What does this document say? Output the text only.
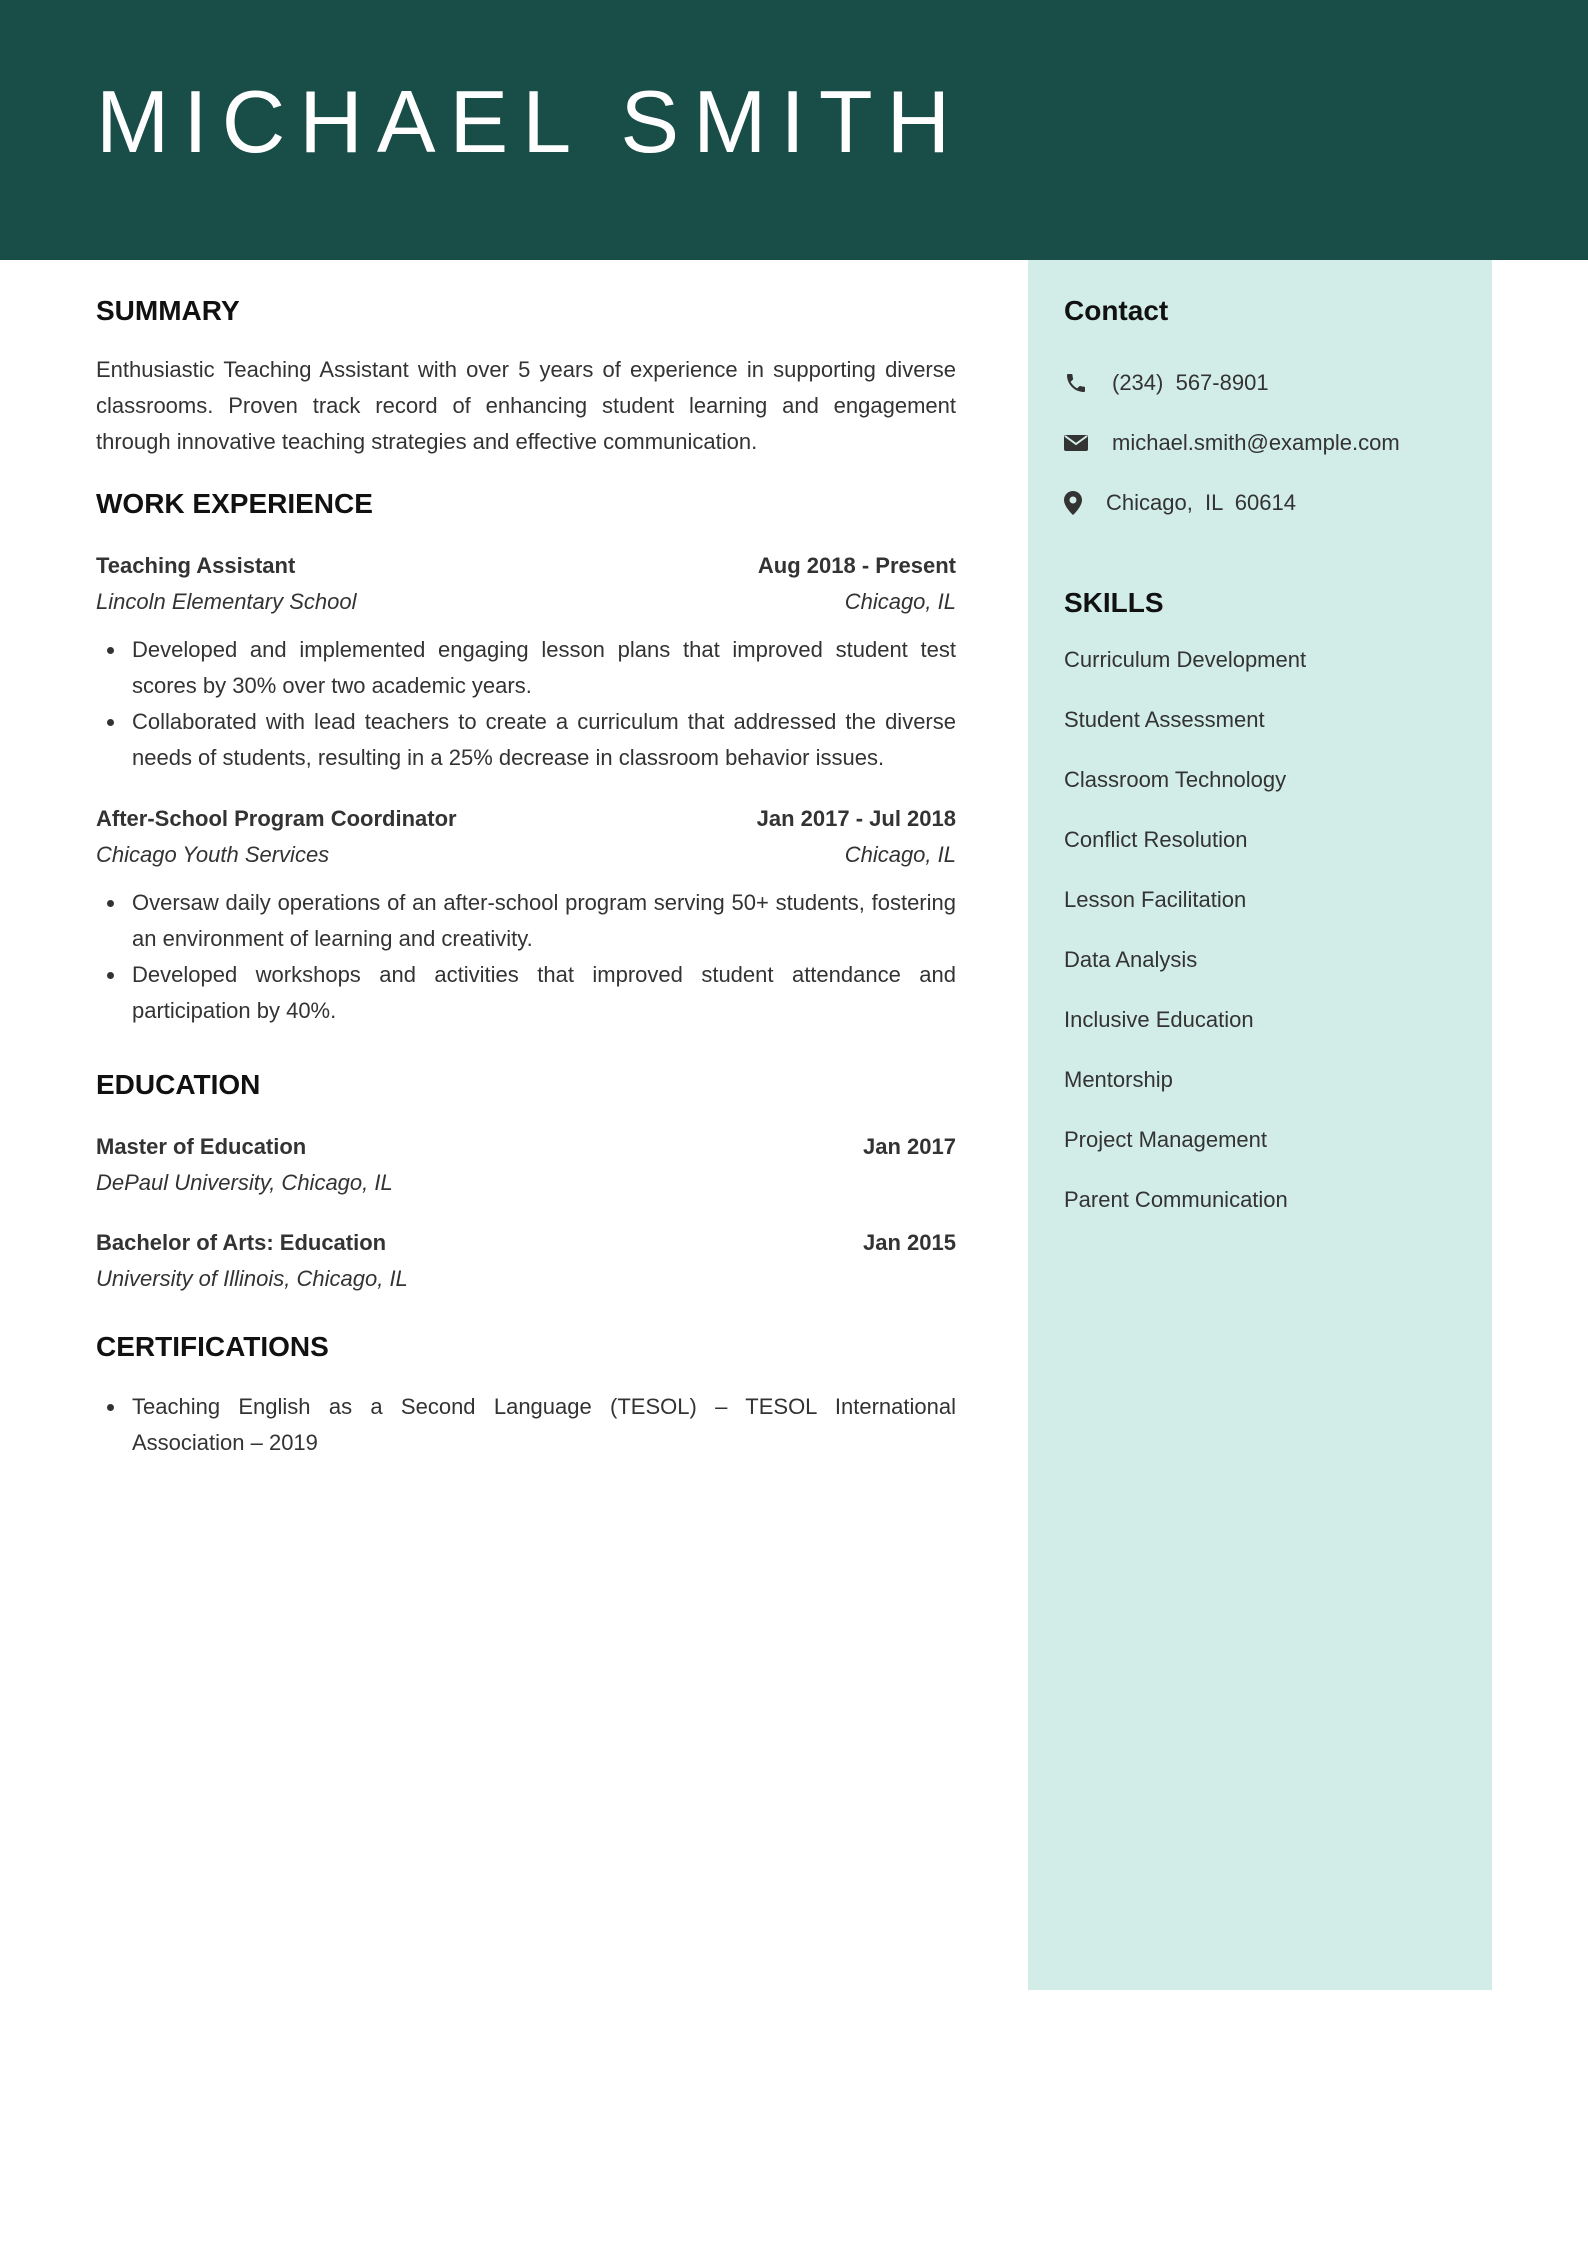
MICHAEL SMITH
Contact
(234)  567-8901
michael.smith@example.com
Chicago,  IL  60614
SKILLS
Curriculum Development
Student Assessment
Classroom Technology
Conflict Resolution
Lesson Facilitation
Data Analysis
Inclusive Education
Mentorship
Project Management
Parent Communication
SUMMARY

Enthusiastic Teaching Assistant with over 5 years of experience in supporting diverse classrooms. Proven track record of enhancing student learning and engagement through innovative teaching strategies and effective communication.

WORK EXPERIENCE
Teaching Assistant	Aug 2018 - Present
Lincoln Elementary School	Chicago, IL
Developed and implemented engaging lesson plans that improved student test scores by 30% over two academic years.
Collaborated with lead teachers to create a curriculum that addressed the diverse needs of students, resulting in a 25% decrease in classroom behavior issues.
After-School Program Coordinator	Jan 2017 - Jul 2018
Chicago Youth Services	Chicago, IL
Oversaw daily operations of an after-school program serving 50+ students, fostering an environment of learning and creativity.
Developed workshops and activities that improved student attendance and participation by 40%.
EDUCATION
Master of Education	Jan 2017
DePaul University, Chicago, IL
Bachelor of Arts: Education	Jan 2015
University of Illinois, Chicago, IL
CERTIFICATIONS
Teaching English as a Second Language (TESOL) – TESOL International Association – 2019
